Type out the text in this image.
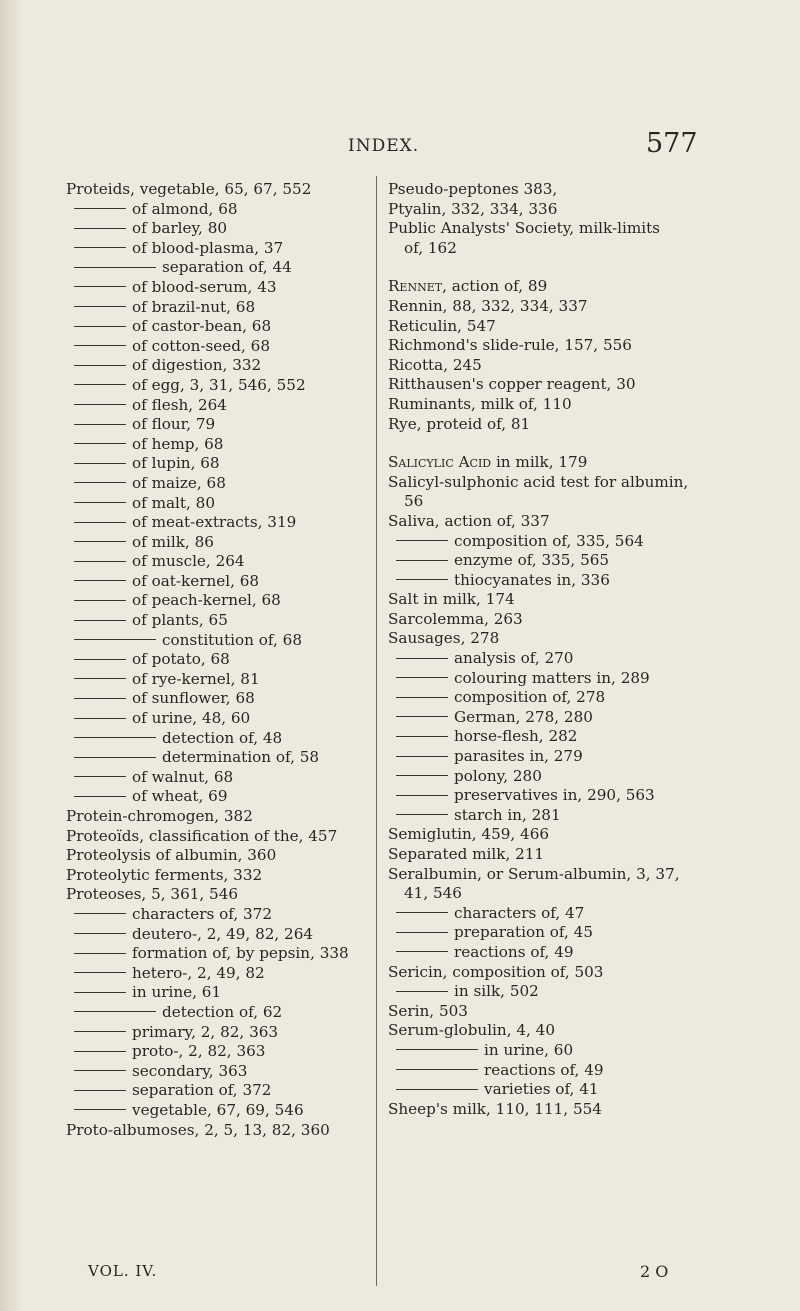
INDEX.	577
Proteids, vegetable, 65, 67, 552
of almond, 68
of barley, 80
of blood-plasma, 37
separation of, 44
of blood-serum, 43
of brazil-nut, 68
of castor-bean, 68
of cotton-seed, 68
of digestion, 332
of egg, 3, 31, 546, 552
of flesh, 264
of flour, 79
of hemp, 68
of lupin, 68
of maize, 68
of malt, 80
of meat-extracts, 319
of milk, 86
of muscle, 264
of oat-kernel, 68
of peach-kernel, 68
of plants, 65
constitution of, 68
of potato, 68
of rye-kernel, 81
of sunflower, 68
of urine, 48, 60
detection of, 48
determination of, 58
of walnut, 68
of wheat, 69
Protein-chromogen, 382
Proteoïds, classification of the, 457
Proteolysis of albumin, 360
Proteolytic ferments, 332
Proteoses, 5, 361, 546
characters of, 372
deutero-, 2, 49, 82, 264
formation of, by pepsin, 338
hetero-, 2, 49, 82
in urine, 61
detection of, 62
primary, 2, 82, 363
proto-, 2, 82, 363
secondary, 363
separation of, 372
vegetable, 67, 69, 546
Proto-albumoses, 2, 5, 13, 82, 360
Pseudo-peptones 383,
Ptyalin, 332, 334, 336
Public Analysts' Society, milk-limits
of, 162
Rennet, action of, 89
Rennin, 88, 332, 334, 337
Reticulin, 547
Richmond's slide-rule, 157, 556
Ricotta, 245
Ritthausen's copper reagent, 30
Ruminants, milk of, 110
Rye, proteid of, 81
Salicylic Acid in milk, 179
Salicyl-sulphonic acid test for albumin,
56
Saliva, action of, 337
composition of, 335, 564
enzyme of, 335, 565
thiocyanates in, 336
Salt in milk, 174
Sarcolemma, 263
Sausages, 278
analysis of, 270
colouring matters in, 289
composition of, 278
German, 278, 280
horse-flesh, 282
parasites in, 279
polony, 280
preservatives in, 290, 563
starch in, 281
Semiglutin, 459, 466
Separated milk, 211
Seralbumin, or Serum-albumin, 3, 37,
41, 546
characters of, 47
preparation of, 45
reactions of, 49
Sericin, composition of, 503
in silk, 502
Serin, 503
Serum-globulin, 4, 40
in urine, 60
reactions of, 49
varieties of, 41
Sheep's milk, 110, 111, 554
VOL. IV.	2 O
